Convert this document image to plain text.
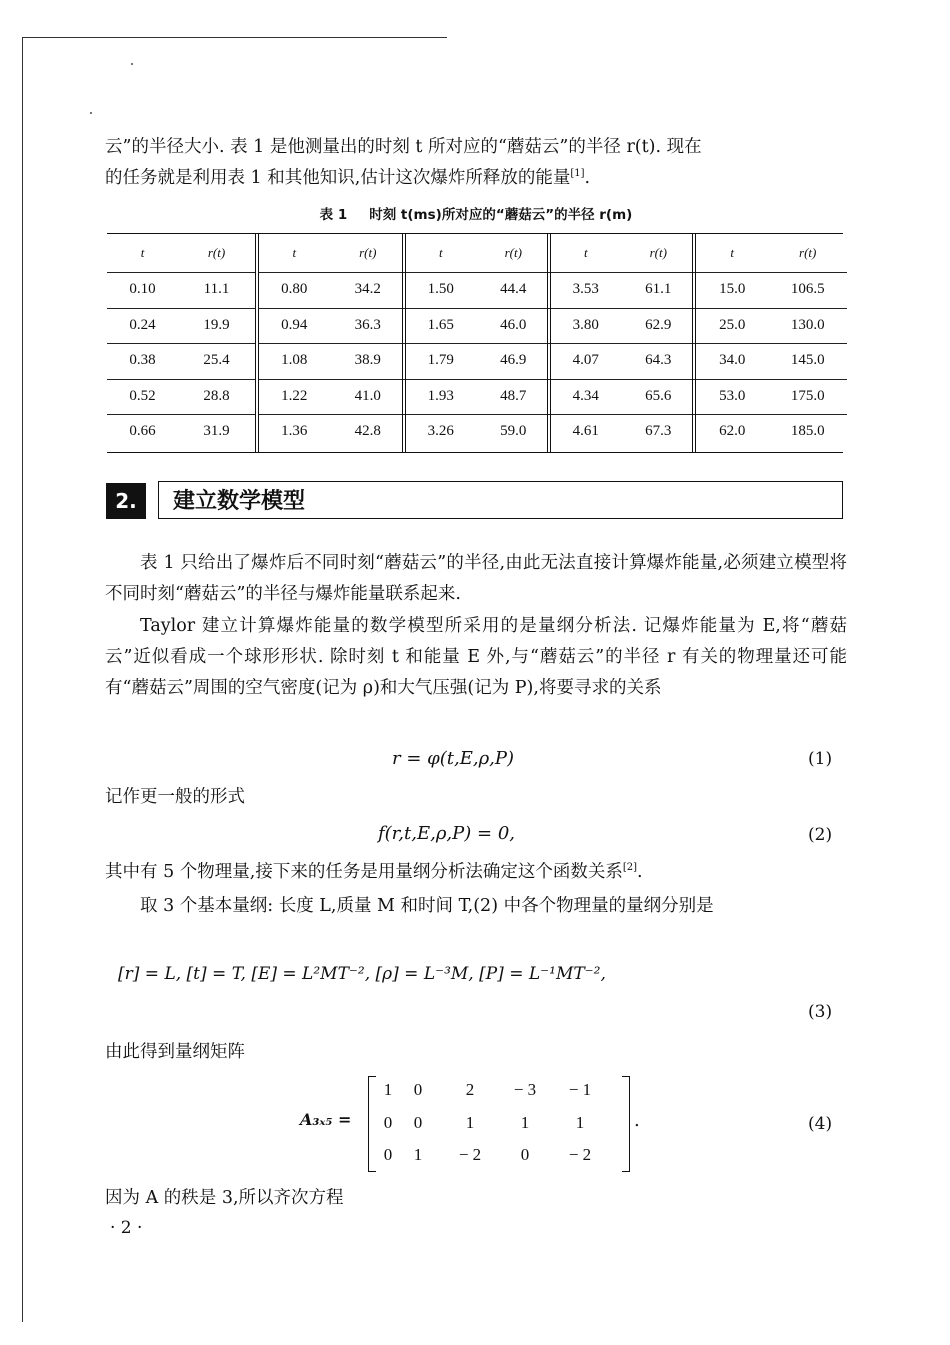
云”的半径大小. 表 1 是他测量出的时刻 t 所对应的“蘑菇云”的半径 r(t). 现在

的任务就是利用表 1 和其他知识,估计这次爆炸所释放的能量[1].

表 1 时刻 t(ms)所对应的“蘑菇云”的半径 r(m)
t	r(t)
0.10	11.1
0.24	19.9
0.38	25.4
0.52	28.8
0.66	31.9
t	r(t)
0.80	34.2
0.94	36.3
1.08	38.9
1.22	41.0
1.36	42.8
t	r(t)
1.50	44.4
1.65	46.0
1.79	46.9
1.93	48.7
3.26	59.0
t	r(t)
3.53	61.1
3.80	62.9
4.07	64.3
4.34	65.6
4.61	67.3
t	r(t)
15.0	106.5
25.0	130.0
34.0	145.0
53.0	175.0
62.0	185.0
2.	建立数学模型
表 1 只给出了爆炸后不同时刻“蘑菇云”的半径,由此无法直接计算爆炸能量,必须建立模型将不同时刻“蘑菇云”的半径与爆炸能量联系起来.
Taylor 建立计算爆炸能量的数学模型所采用的是量纲分析法. 记爆炸能量为 E,将“蘑菇云”近似看成一个球形形状. 除时刻 t 和能量 E 外,与“蘑菇云”的半径 r 有关的物理量还可能有“蘑菇云”周围的空气密度(记为 ρ)和大气压强(记为 P),将要寻求的关系
r = φ(t,E,ρ,P)	(1)
记作更一般的形式
f(r,t,E,ρ,P) = 0,	(2)
其中有 5 个物理量,接下来的任务是用量纲分析法确定这个函数关系[2].
取 3 个基本量纲: 长度 L,质量 M 和时间 T,(2) 中各个物理量的量纲分别是
[r] = L, [t] = T, [E] = L²MT⁻², [ρ] = L⁻³M, [P] = L⁻¹MT⁻²,
(3)
由此得到量纲矩阵
A₃ₓ₅ =
1	0	2	− 3	− 1
0	0	1	1	1
0	1	− 2	0	− 2
.	(4)
因为 A 的秩是 3,所以齐次方程
· 2 ·
